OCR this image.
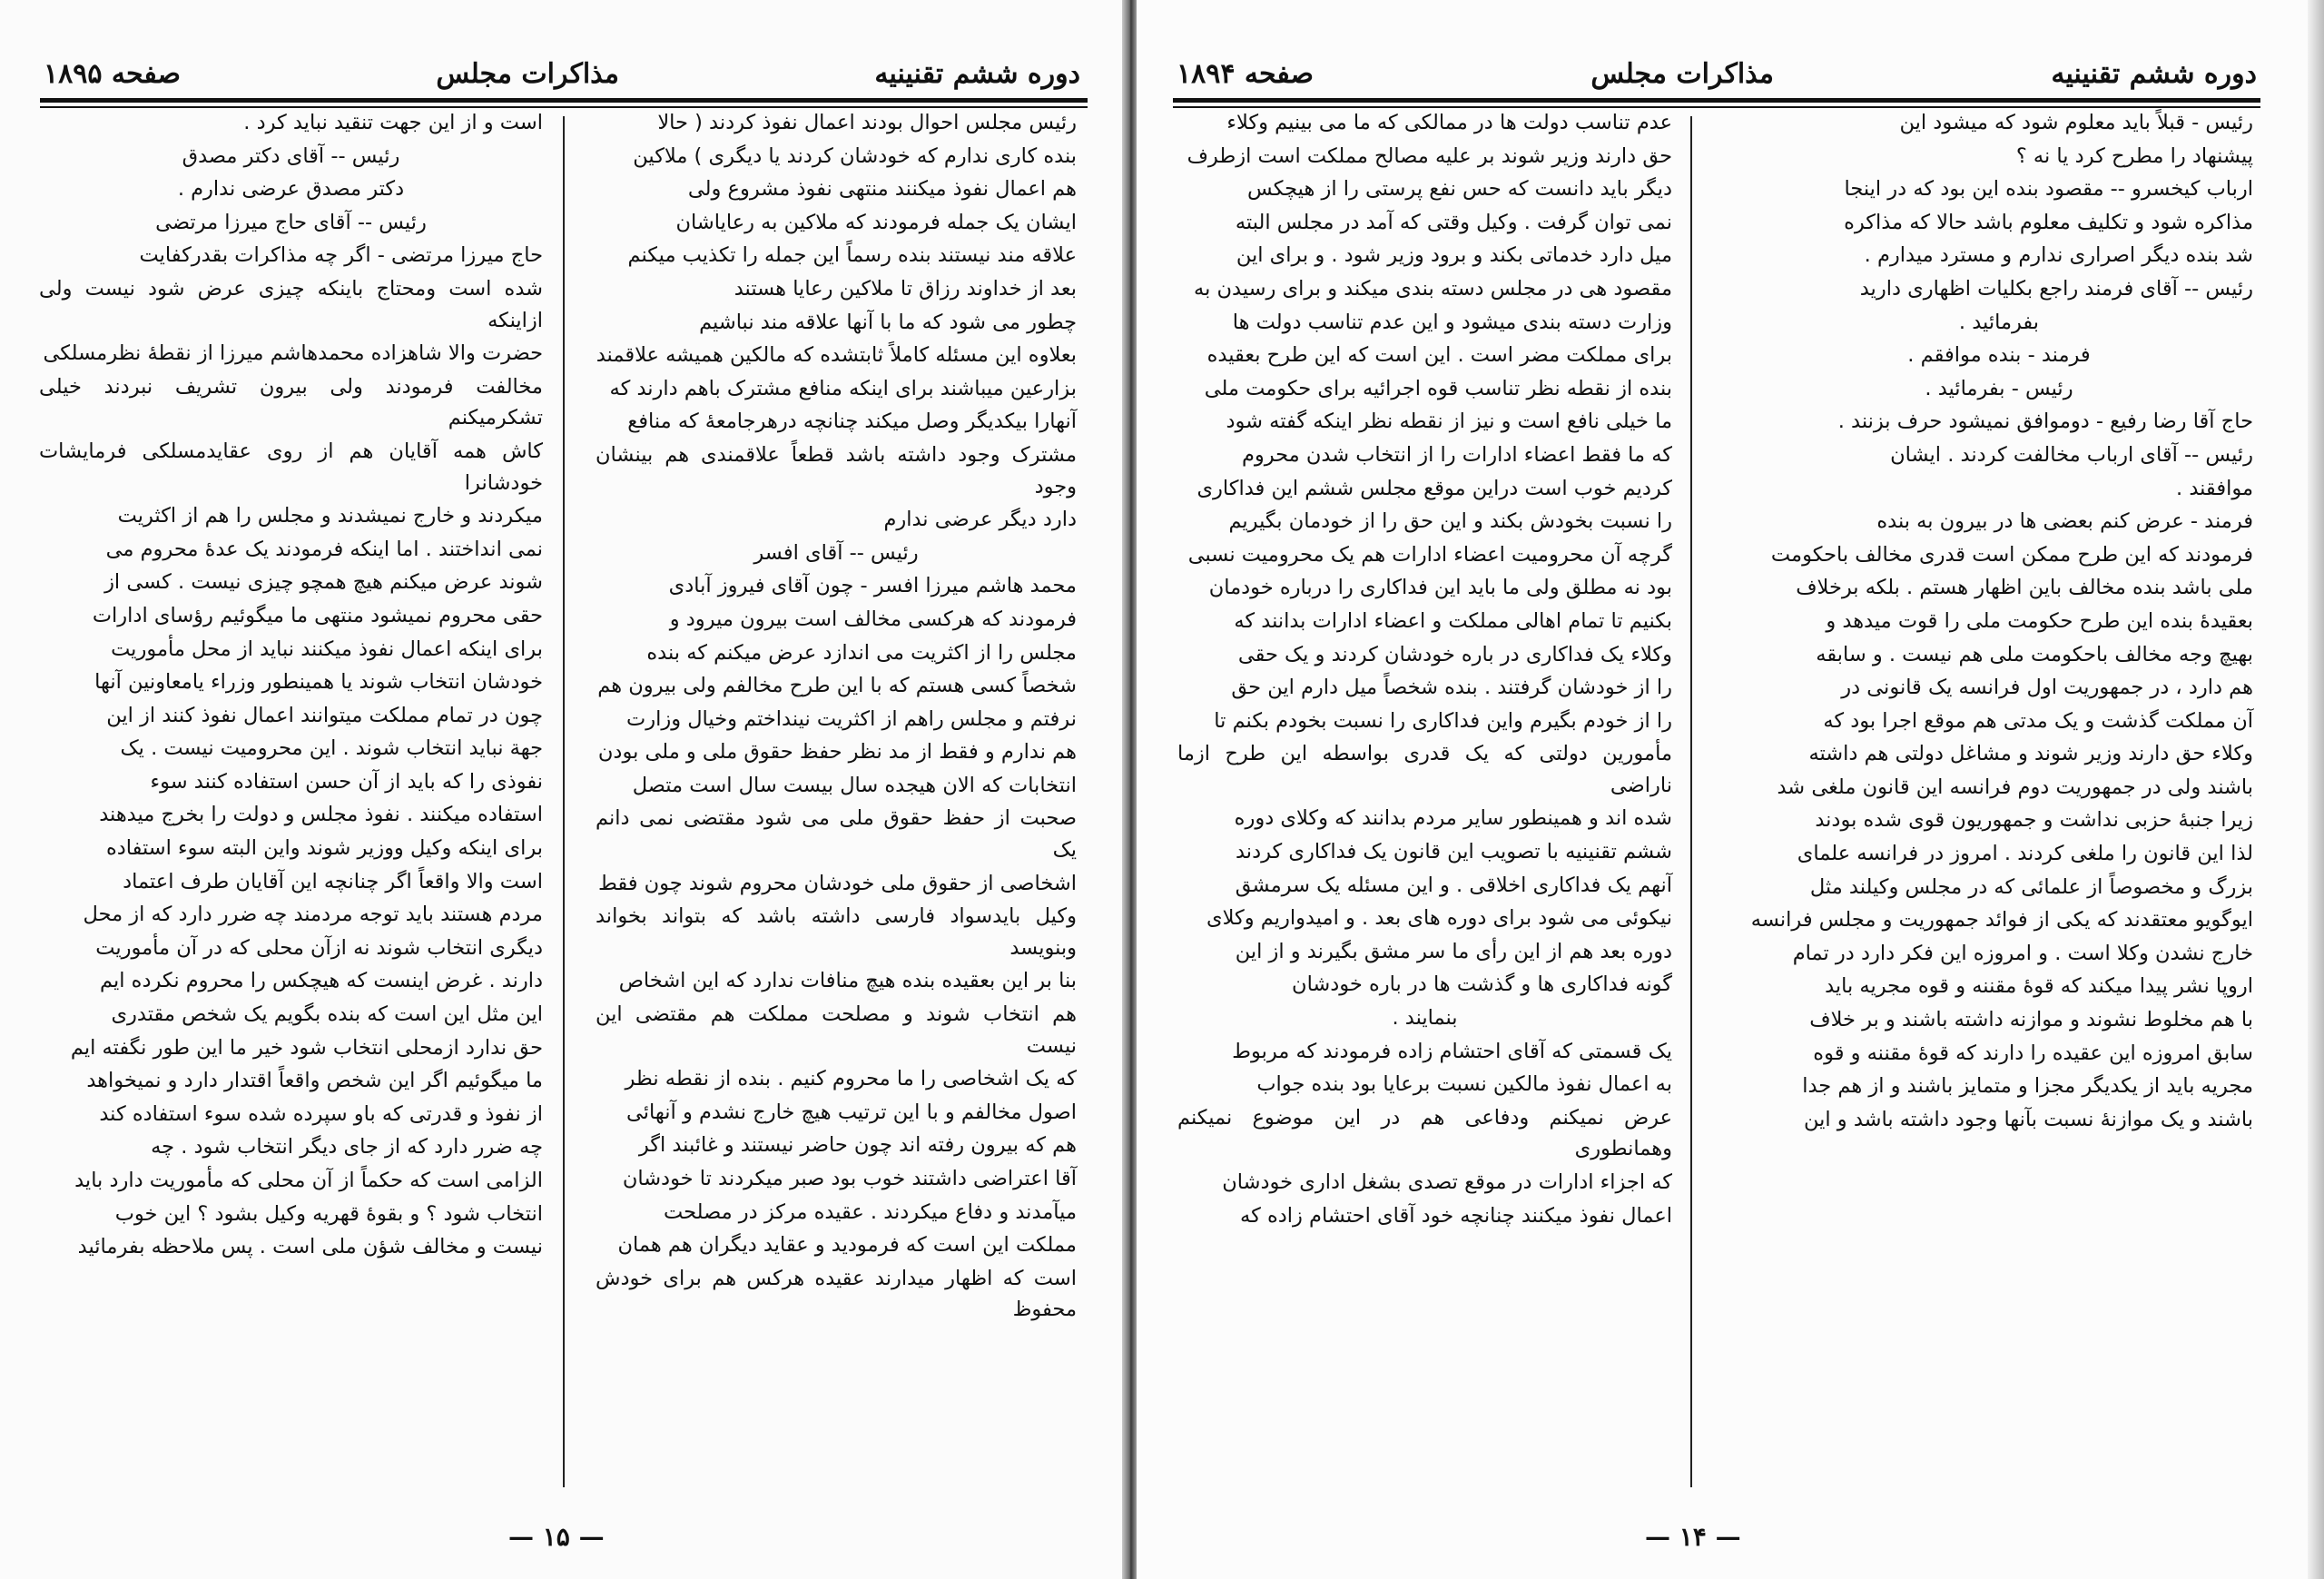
دوره ششم تقنینیه
مذاکرات مجلس
صفحه ۱۸۹۵

رئیس مجلس احوال بودند اعمال نفوذ کردند ( حالا

بنده کاری ندارم که خودشان کردند یا دیگری ) ملاکین

هم اعمال نفوذ میکنند منتهی نفوذ مشروع ولی

ایشان یک جمله فرمودند که ملاکین به رعایاشان

علاقه مند نیستند بنده رسماً این جمله را تکذیب میکنم

بعد از خداوند رزاق تا ملاکین رعایا هستند

چطور می شود که ما با آنها علاقه مند نباشیم

بعلاوه این مسئله کاملاً ثابتشده که مالکین همیشه علاقمند

بزارعین میباشند برای اینکه منافع مشترک باهم دارند که

آنهارا بیکدیگر وصل میکند چنانچه درهرجامعهٔ که منافع

مشترک وجود داشته باشد قطعاً علاقمندی هم بینشان وجود

دارد دیگر عرضی ندارم

رئیس -- آقای افسر

محمد هاشم میرزا افسر - چون آقای فیروز آبادی

فرمودند که هرکسی مخالف است بیرون میرود و

مجلس را از اکثریت می اندازد عرض میکنم که بنده

شخصاً کسی هستم که با این طرح مخالفم ولی بیرون هم

نرفتم و مجلس راهم از اکثریت نینداختم وخیال وزارت

هم ندارم و فقط از مد نظر حفظ حقوق ملی و ملی بودن

انتخابات که الان هیجده سال بیست سال است متصل

صحبت از حفظ حقوق ملی می شود مقتضی نمی دانم یک

اشخاصی از حقوق ملی خودشان محروم شوند چون فقط

وکیل بایدسواد فارسی داشته باشد که بتواند بخواند وبنویسد

بنا بر این بعقیده بنده هیچ منافات ندارد که این اشخاص

هم انتخاب شوند و مصلحت مملکت هم مقتضی این نیست

که یک اشخاصی را ما محروم کنیم . بنده از نقطه نظر

اصول مخالفم و با این ترتیب هیچ خارج نشدم و آنهائی

هم که بیرون رفته اند چون حاضر نیستند و غائبند اگر

آقا اعتراضی داشتند خوب بود صبر میکردند تا خودشان

میآمدند و دفاع میکردند . عقیده مرکز در مصلحت

مملکت این است که فرمودید و عقاید دیگران هم همان

است که اظهار میدارند عقیده هرکس هم برای خودش محفوظ

است و از این جهت تنقید نباید کرد .

رئیس -- آقای دکتر مصدق

دکتر مصدق عرضی ندارم .

رئیس -- آقای حاج میرزا مرتضی

حاج میرزا مرتضی - اگر چه مذاکرات بقدرکفایت

شده است ومحتاج باینکه چیزی عرض شود نیست ولی ازاینکه

حضرت والا شاهزاده محمدهاشم میرزا از نقطهٔ نظرمسلکی

مخالفت فرمودند ولی بیرون تشریف نبردند خیلی تشکرمیکنم

کاش همه آقایان هم از روی عقایدمسلکی فرمایشات خودشانرا

میکردند و خارج نمیشدند و مجلس را هم از اکثریت

نمی انداختند . اما اینکه فرمودند یک عدهٔ محروم می

شوند عرض میکنم هیچ همچو چیزی نیست . کسی از

حقی محروم نمیشود منتهی ما میگوئیم رؤسای ادارات

برای اینکه اعمال نفوذ میکنند نباید از محل مأموریت

خودشان انتخاب شوند یا همینطور وزراء یامعاونین آنها

چون در تمام مملکت میتوانند اعمال نفوذ کنند از این

جهة نباید انتخاب شوند . این محرومیت نیست . یک

نفوذی را که باید از آن حسن استفاده کنند سوء

استفاده میکنند . نفوذ مجلس و دولت را بخرج میدهند

برای اینکه وکیل ووزیر شوند واین البته سوء استفاده

است والا واقعاً اگر چنانچه این آقایان طرف اعتماد

مردم هستند باید توجه مردمند چه ضرر دارد که از محل

دیگری انتخاب شوند نه ازآن محلی که در آن مأموریت

دارند . غرض اینست که هیچکس را محروم نکرده ایم

این مثل این است که بنده بگویم یک شخص مقتدری

حق ندارد ازمحلی انتخاب شود خیر ما این طور نگفته ایم

ما میگوئیم اگر این شخص واقعاً اقتدار دارد و نمیخواهد

از نفوذ و قدرتی که باو سپرده شده سوء استفاده کند

چه ضرر دارد که از جای دیگر انتخاب شود . چه

الزامی است که حکماً از آن محلی که مأموریت دارد باید

انتخاب شود ؟ و بقوهٔ قهریه وکیل بشود ؟ این خوب

نیست و مخالف شؤن ملی است . پس ملاحظه بفرمائید

— ۱۵ —
دوره ششم تقنینیه
مذاکرات مجلس
صفحه ۱۸۹۴

رئیس - قبلاً باید معلوم شود که میشود این

پیشنهاد را مطرح کرد یا نه ؟

ارباب کیخسرو -- مقصود بنده این بود که در اینجا

مذاکره شود و تکلیف معلوم باشد حالا که مذاکره

شد بنده دیگر اصراری ندارم و مسترد میدارم .

رئیس -- آقای فرمند راجع بکلیات اظهاری دارید

بفرمائید .

فرمند - بنده موافقم .

رئیس - بفرمائید .

حاج آقا رضا رفیع - دوموافق نمیشود حرف بزنند .

رئیس -- آقای ارباب مخالفت کردند . ایشان

موافقند .

فرمند - عرض کنم بعضی ها در بیرون به بنده

فرمودند که این طرح ممکن است قدری مخالف باحکومت

ملی باشد بنده مخالف باین اظهار هستم . بلکه برخلاف

بعقیدهٔ بنده این طرح حکومت ملی را قوت میدهد و

بهیچ وجه مخالف باحکومت ملی هم نیست . و سابقه

هم دارد ، در جمهوریت اول فرانسه یک قانونی در

آن مملکت گذشت و یک مدتی هم موقع اجرا بود که

وکلاء حق دارند وزیر شوند و مشاغل دولتی هم داشته

باشند ولی در جمهوریت دوم فرانسه این قانون ملغی شد

زیرا جنبهٔ حزبی نداشت و جمهوریون قوی شده بودند

لذا این قانون را ملغی کردند . امروز در فرانسه علمای

بزرگ و مخصوصاً از علمائی که در مجلس وکیلند مثل

ایوگویو معتقدند که یکی از فوائد جمهوریت و مجلس فرانسه

خارج نشدن وکلا است . و امروزه این فکر دارد در تمام

اروپا نشر پیدا میکند که قوهٔ مقننه و قوه مجریه باید

با هم مخلوط نشوند و موازنه داشته باشند و بر خلاف

سابق امروزه این عقیده را دارند که قوهٔ مقننه و قوه

مجریه باید از یکدیگر مجزا و متمایز باشند و از هم جدا

باشند و یک موازنهٔ نسبت بآنها وجود داشته باشد و این

عدم تناسب دولت ها در ممالکی که ما می بینیم وکلاء

حق دارند وزیر شوند بر علیه مصالح مملکت است ازطرف

دیگر باید دانست که حس نفع پرستی را از هیچکس

نمی توان گرفت . وکیل وقتی که آمد در مجلس البته

میل دارد خدماتی بکند و برود وزیر شود . و برای این

مقصود هی در مجلس دسته بندی میکند و برای رسیدن به

وزارت دسته بندی میشود و این عدم تناسب دولت ها

برای مملکت مضر است . این است که این طرح بعقیده

بنده از نقطه نظر تناسب قوه اجرائیه برای حکومت ملی

ما خیلی نافع است و نیز از نقطه نظر اینکه گفته شود

که ما فقط اعضاء ادارات را از انتخاب شدن محروم

کردیم خوب است دراین موقع مجلس ششم این فداکاری

را نسبت بخودش بکند و این حق را از خودمان بگیریم

گرچه آن محرومیت اعضاء ادارات هم یک محرومیت نسبی

بود نه مطلق ولی ما باید این فداکاری را درباره خودمان

بکنیم تا تمام اهالی مملکت و اعضاء ادارات بدانند که

وکلاء یک فداکاری در باره خودشان کردند و یک حقی

را از خودشان گرفتند . بنده شخصاً میل دارم این حق

را از خودم بگیرم واین فداکاری را نسبت بخودم بکنم تا

مأمورین دولتی که یک قدری بواسطه این طرح ازما ناراضی

شده اند و همینطور سایر مردم بدانند که وکلای دوره

ششم تقنینیه با تصویب این قانون یک فداکاری کردند

آنهم یک فداکاری اخلاقی . و این مسئله یک سرمشق

نیکوئی می شود برای دوره های بعد . و امیدواریم وکلای

دوره بعد هم از این رأی ما سر مشق بگیرند و از این

گونه فداکاری ها و گذشت ها در باره خودشان

بنمایند .

یک قسمتی که آقای احتشام زاده فرمودند که مربوط

به اعمال نفوذ مالکین نسبت برعایا بود بنده جواب

عرض نمیکنم ودفاعی هم در این موضوع نمیکنم وهمانطوری

که اجزاء ادارات در موقع تصدی بشغل اداری خودشان

اعمال نفوذ میکنند چنانچه خود آقای احتشام زاده که

— ۱۴ —
